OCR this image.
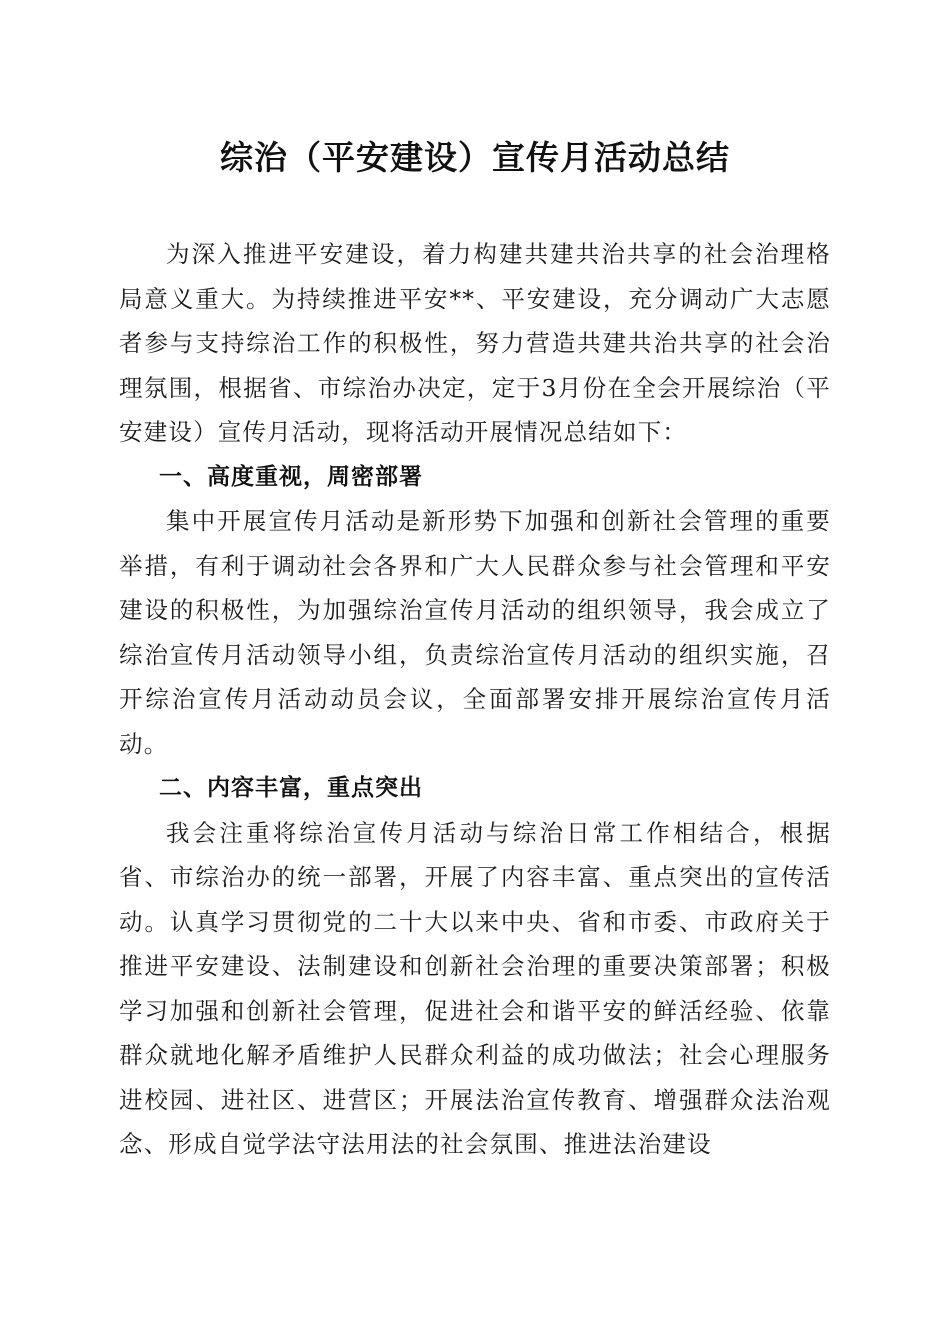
综治（平安建设）宣传月活动总结

为深入推进平安建设，着力构建共建共治共享的社会治理格局意义重大。为持续推进平安**、平安建设，充分调动广大志愿者参与支持综治工作的积极性，努力营造共建共治共享的社会治理氛围，根据省、市综治办决定，定于3月份在全会开展综治（平安建设）宣传月活动，现将活动开展情况总结如下：

一、高度重视，周密部署

集中开展宣传月活动是新形势下加强和创新社会管理的重要举措，有利于调动社会各界和广大人民群众参与社会管理和平安建设的积极性，为加强综治宣传月活动的组织领导，我会成立了综治宣传月活动领导小组，负责综治宣传月活动的组织实施，召开综治宣传月活动动员会议，全面部署安排开展综治宣传月活动。

二、内容丰富，重点突出

我会注重将综治宣传月活动与综治日常工作相结合，根据省、市综治办的统一部署，开展了内容丰富、重点突出的宣传活动。认真学习贯彻党的二十大以来中央、省和市委、市政府关于推进平安建设、法制建设和创新社会治理的重要决策部署；积极学习加强和创新社会管理，促进社会和谐平安的鲜活经验、依靠群众就地化解矛盾维护人民群众利益的成功做法；社会心理服务进校园、进社区、进营区；开展法治宣传教育、增强群众法治观念、形成自觉学法守法用法的社会氛围、推进法治建设
